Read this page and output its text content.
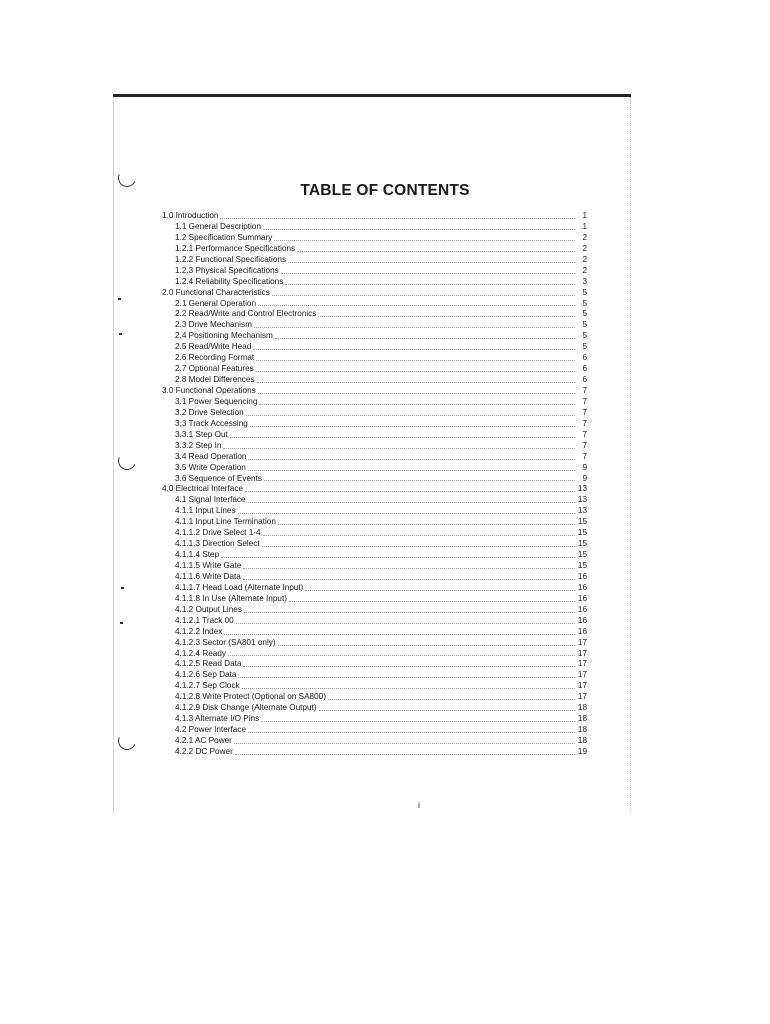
TABLE OF CONTENTS
1.0 Introduction	1
1.1 General Description	1
1.2 Specification Summary	2
1.2.1 Performance Specifications	2
1.2.2 Functional Specifications	2
1.2.3 Physical Specifications	2
1.2.4 Reliability Specifications	3
2.0 Functional Characteristics	5
2.1 General Operation	5
2.2 Read/Write and Control Electronics	5
2.3 Drive Mechanism	5
2.4 Positioning Mechanism	5
2.5 Read/Write Head	5
2.6 Recording Format	6
2.7 Optional Features	6
2.8 Model Differences	6
3.0 Functional Operations	7
3.1 Power Sequencing	7
3.2 Drive Selection	7
3.3 Track Accessing	7
3.3.1 Step Out	7
3.3.2 Step In	7
3.4 Read Operation	7
3.5 Write Operation	9
3.6 Sequence of Events	9
4.0 Electrical Interface	13
4.1 Signal Interface	13
4.1.1 Input Lines	13
4.1.1 Input Line Termination	15
4.1.1.2 Drive Select 1-4	15
4.1.1.3 Direction Select	15
4.1.1.4 Step	15
4.1.1.5 Write Gate	15
4.1.1.6 Write Data	16
4.1.1.7 Head Load (Alternate Input)	16
4.1.1.8 In Use (Alternate Input)	16
4.1.2 Output Lines	16
4.1.2.1 Track 00	16
4.1.2.2 Index	16
4.1.2.3 Sector (SA801 only)	17
4.1.2.4 Ready	17
4.1.2.5 Read Data	17
4.1.2.6 Sep Data	17
4.1.2.7 Sep Clock	17
4.1.2.8 Write Protect (Optional on SA800)	17
4.1.2.9 Disk Change (Alternate Output)	18
4.1.3 Alternate I/O Pins	18
4.2 Power Interface	18
4.2.1 AC Power	18
4.2.2 DC Power	19
i
